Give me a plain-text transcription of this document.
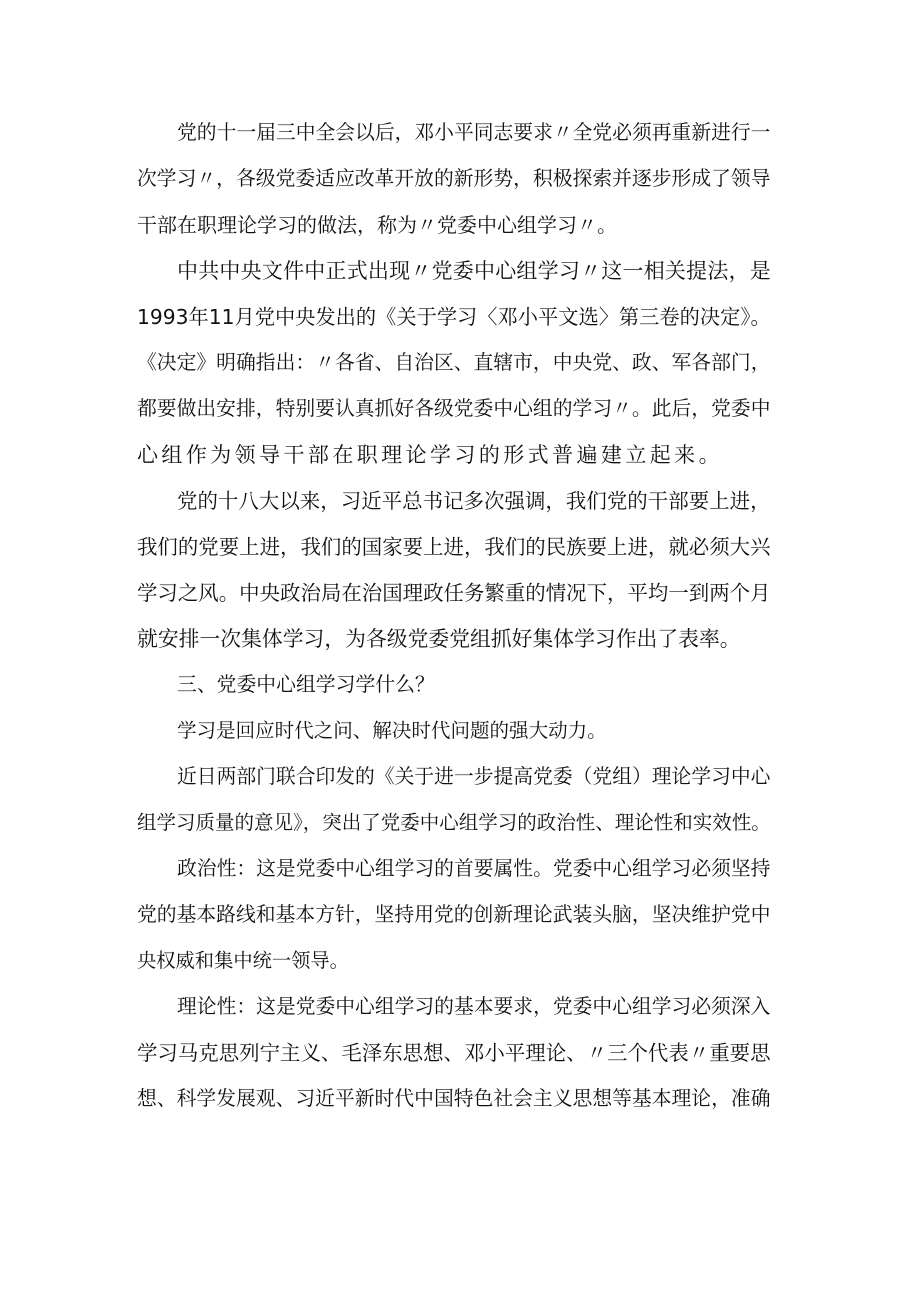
党的十一届三中全会以后，邓小平同志要求〃全党必须再重新进行一
次学习〃，各级党委适应改革开放的新形势，积极探索并逐步形成了领导
干部在职理论学习的做法，称为〃党委中心组学习〃。
中共中央文件中正式出现〃党委中心组学习〃这一相关提法，是
1993年11月党中央发出的《关于学习〈邓小平文选〉第三卷的决定》。
《决定》明确指出：〃各省、自治区、直辖市，中央党、政、军各部门，
都要做出安排，特别要认真抓好各级党委中心组的学习〃。此后，党委中
心组作为领导干部在职理论学习的形式普遍建立起来。
党的十八大以来，习近平总书记多次强调，我们党的干部要上进，
我们的党要上进，我们的国家要上进，我们的民族要上进，就必须大兴
学习之风。中央政治局在治国理政任务繁重的情况下，平均一到两个月
就安排一次集体学习，为各级党委党组抓好集体学习作出了表率。
三、党委中心组学习学什么？
学习是回应时代之问、解决时代问题的强大动力。
近日两部门联合印发的《关于进一步提高党委（党组）理论学习中心
组学习质量的意见》，突出了党委中心组学习的政治性、理论性和实效性。
政治性：这是党委中心组学习的首要属性。党委中心组学习必须坚持
党的基本路线和基本方针，坚持用党的创新理论武装头脑，坚决维护党中
央权威和集中统一领导。
理论性：这是党委中心组学习的基本要求，党委中心组学习必须深入
学习马克思列宁主义、毛泽东思想、邓小平理论、〃三个代表〃重要思
想、科学发展观、习近平新时代中国特色社会主义思想等基本理论，准确
